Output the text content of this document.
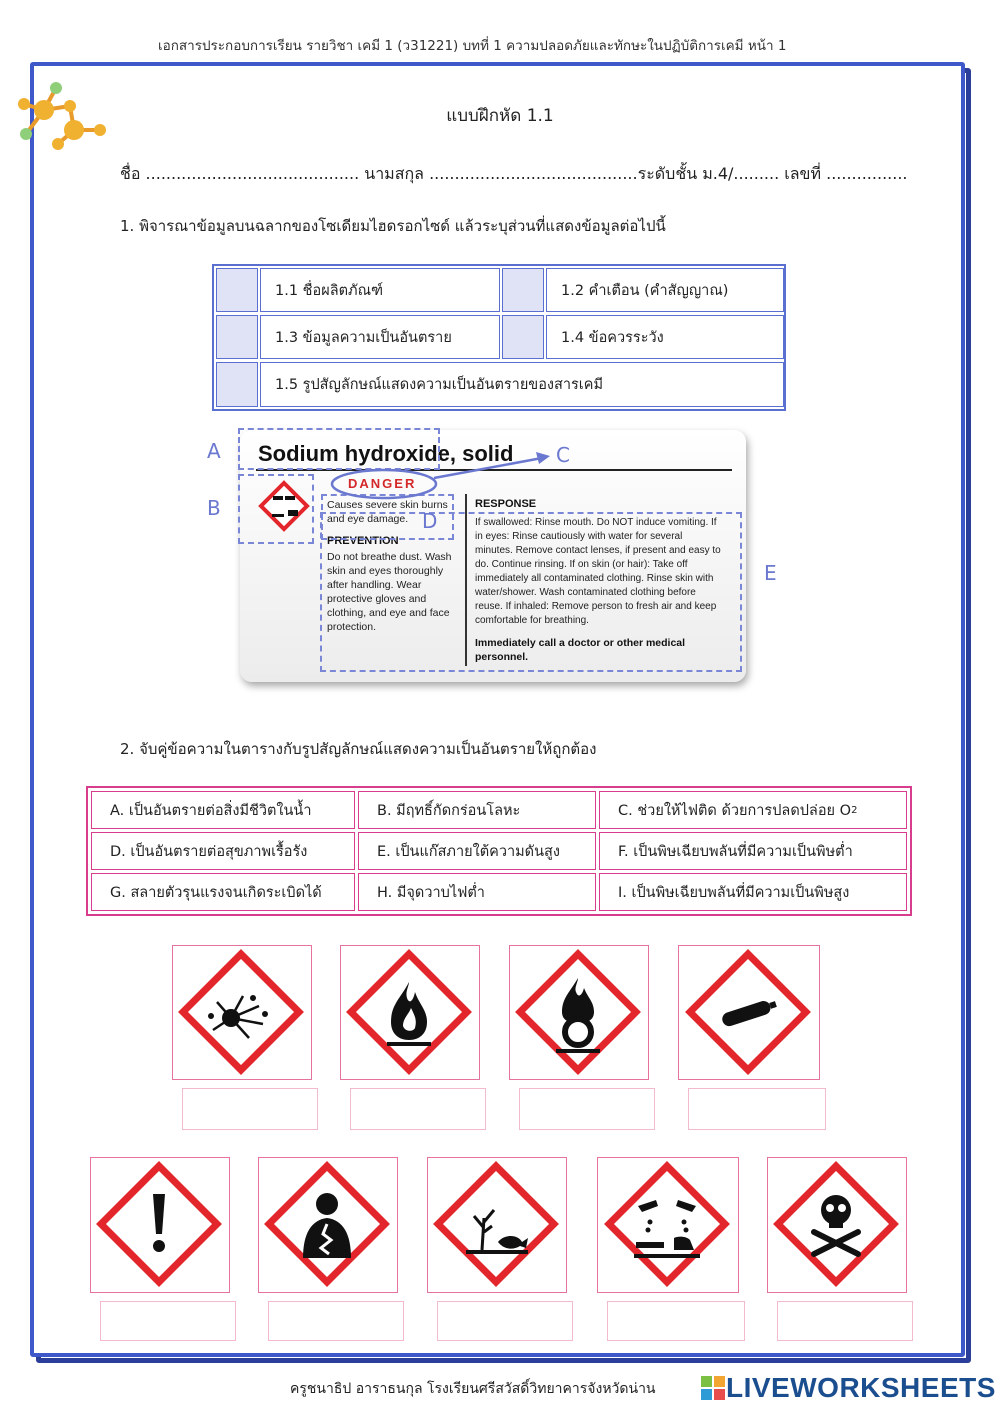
เอกสารประกอบการเรียน รายวิชา เคมี 1 (ว31221) บทที่ 1 ความปลอดภัยและทักษะในปฏิบัติการเคมี หน้า 1
แบบฝึกหัด 1.1
ชื่อ .......................................... นามสกุล ......................................... ระดับชั้น ม.4/......... เลขที่ ................
1. พิจารณาข้อมูลบนฉลากของโซเดียมไฮดรอกไซด์ แล้วระบุส่วนที่แสดงข้อมูลต่อไปนี้
1.1 ชื่อผลิตภัณฑ์	1.2 คำเตือน (คำสัญญาณ)
1.3 ข้อมูลความเป็นอันตราย	1.4 ข้อควรระวัง
1.5 รูปสัญลักษณ์แสดงความเป็นอันตรายของสารเคมี
Sodium hydroxide, solid
DANGER
Causes severe skin burns
and eye damage.
PREVENTION
Do not breathe dust. Wash
skin and eyes thoroughly
after handling. Wear
protective gloves and
clothing, and eye and face
protection.
RESPONSE
If swallowed: Rinse mouth. Do NOT induce vomiting. If
in eyes: Rinse cautiously with water for several
minutes. Remove contact lenses, if present and easy to
do. Continue rinsing. If on skin (or hair): Take off
immediately all contaminated clothing. Rinse skin with
water/shower. Wash contaminated clothing before
reuse. If inhaled: Remove person to fresh air and keep
comfortable for breathing.
Immediately call a doctor or other medical
personnel.
A
B
C
D
E
2. จับคู่ข้อความในตารางกับรูปสัญลักษณ์แสดงความเป็นอันตรายให้ถูกต้อง
A. เป็นอันตรายต่อสิ่งมีชีวิตในน้ำ	B. มีฤทธิ์กัดกร่อนโลหะ	C. ช่วยให้ไฟติด ด้วยการปลดปล่อย O 2
D. เป็นอันตรายต่อสุขภาพเรื้อรัง	E. เป็นแก๊สภายใต้ความดันสูง	F. เป็นพิษเฉียบพลันที่มีความเป็นพิษต่ำ
G. สลายตัวรุนแรงจนเกิดระเบิดได้	H. มีจุดวาบไฟต่ำ	I. เป็นพิษเฉียบพลันที่มีความเป็นพิษสูง
ครูชนาธิป อาราธนกุล โรงเรียนศรีสวัสดิ์วิทยาคารจังหวัดน่าน	LIVEWORKSHEETS
